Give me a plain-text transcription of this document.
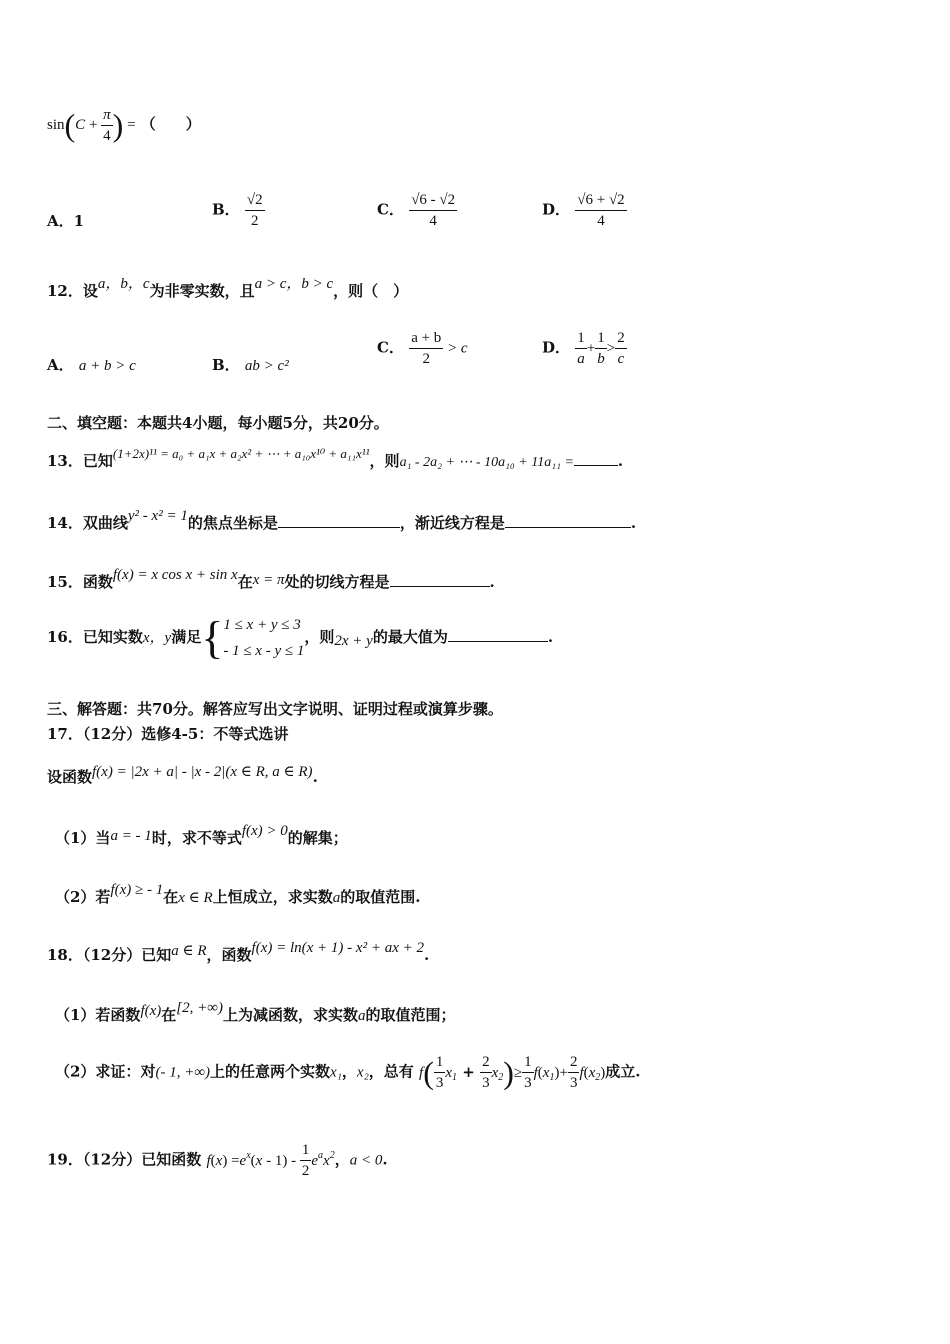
$\sin(C + \frac{\pi}{4}$ ) = （　　）
A．1
B． $\frac{√2}{2}$	C． $\frac{√6 - √2}{4}$	D． $\frac{√6 + √2}{4}$
12．设a，b，c为非零实数，且a > c，b > c，则（　）
A． a + b > c	B． ab > c²
C． $\frac{a + b}{2} > c$	D． $\frac{1}{a} + \frac{1}{b} > \frac{2}{c}$
二、填空题：本题共4小题，每小题5分，共20分。
13．已知(1+2x)¹¹ = a₀ + a₁x + a₂x² + ⋯ + a₁₀x¹⁰ + a₁₁x¹¹，则a₁ - 2a₂ + ⋯ - 10a₁₀ + 11a₁₁ =	.
14．双曲线y² - x² = 1的焦点坐标是	，渐近线方程是	.
15．函数f(x) = x cos x + sin x在x = π处的切线方程是	.
16．已知实数x，y满足{ 1 ≤ x + y ≤ 3
- 1 ≤ x - y ≤ 1
，则2x + y的最大值为	.
三、解答题：共70分。解答应写出文字说明、证明过程或演算步骤。
17．（12分）选修4-5：不等式选讲
设函数f(x) = |2x + a| - |x - 2|(x ∈ R, a ∈ R).
（1）当a = - 1时，求不等式f(x) > 0的解集；
（2）若f(x) ≥ - 1在x ∈ R上恒成立，求实数a的取值范围.
18．（12分）已知a ∈ R，函数f(x) = ln(x + 1) - x² + ax + 2.
（1）若函数f(x)在[2, +∞)上为减函数，求实数a的取值范围；
（2）求证：对(- 1, +∞)上的任意两个实数x₁，x₂，总有 $f( \frac{1}{3} x_1 + \frac{2}{3} x_2)\ge \frac{1}{3} f(x_1)+ \frac{2}{3} f(x_2)$成立.
19．（12分）已知函数 $f(x) =e^x(x - 1) - \frac{1}{2} e^ax^2$，a < 0.
